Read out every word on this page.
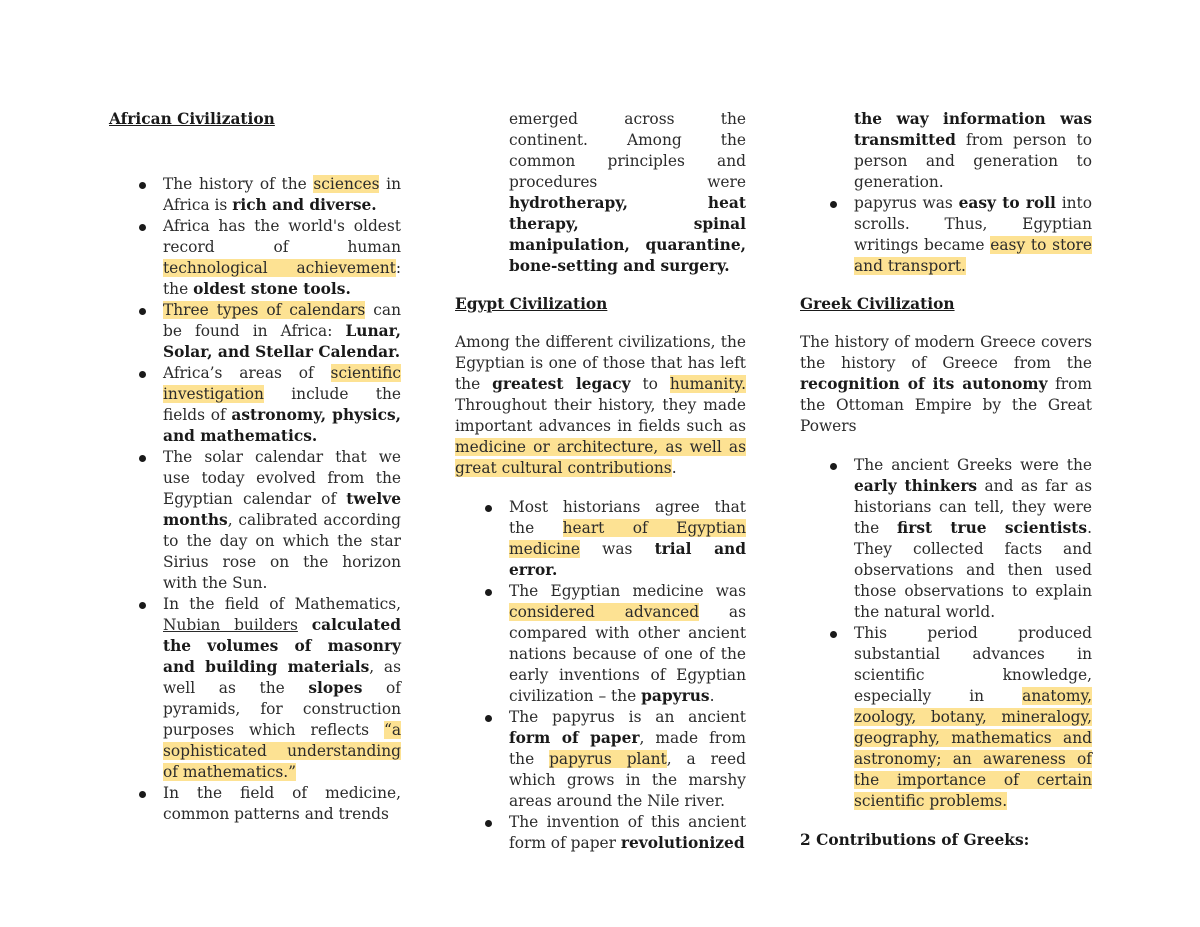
African Civilization

The history of the sciences in Africa is rich and diverse.
Africa has the world's oldest record of human technological achievement: the oldest stone tools.
Three types of calendars can be found in Africa: Lunar, Solar, and Stellar Calendar.
Africa’s areas of scientific investigation include the fields of astronomy, physics, and mathematics.
The solar calendar that we use today evolved from the Egyptian calendar of twelve months, calibrated according to the day on which the star Sirius rose on the horizon with the Sun.
In the field of Mathematics, Nubian builders calculated the volumes of masonry and building materials, as well as the slopes of pyramids, for construction purposes which reflects “a sophisticated understanding of mathematics.”
In the field of medicine, common patterns and trends

emerged across the continent. Among the common principles and procedures were hydrotherapy, heat therapy, spinal manipulation, quarantine, bone-setting and surgery.

Egypt Civilization

Among the different civilizations, the Egyptian is one of those that has left the greatest legacy to humanity. Throughout their history, they made important advances in fields such as medicine or architecture, as well as great cultural contributions.

Most historians agree that the heart of Egyptian medicine was trial and error.
The Egyptian medicine was considered advanced as compared with other ancient nations because of one of the early inventions of Egyptian civilization – the papyrus.
The papyrus is an ancient form of paper, made from the papyrus plant, a reed which grows in the marshy areas around the Nile river.
The invention of this ancient form of paper revolutionized

the way information was transmitted from person to person and generation to generation.

papyrus was easy to roll into scrolls. Thus, Egyptian writings became easy to store and transport.

Greek Civilization

The history of modern Greece covers the history of Greece from the recognition of its autonomy from the Ottoman Empire by the Great Powers

The ancient Greeks were the early thinkers and as far as historians can tell, they were the first true scientists. They collected facts and observations and then used those observations to explain the natural world.
This period produced substantial advances in scientific knowledge, especially in anatomy, zoology, botany, mineralogy, geography, mathematics and astronomy; an awareness of the importance of certain scientific problems.

2 Contributions of Greeks:
